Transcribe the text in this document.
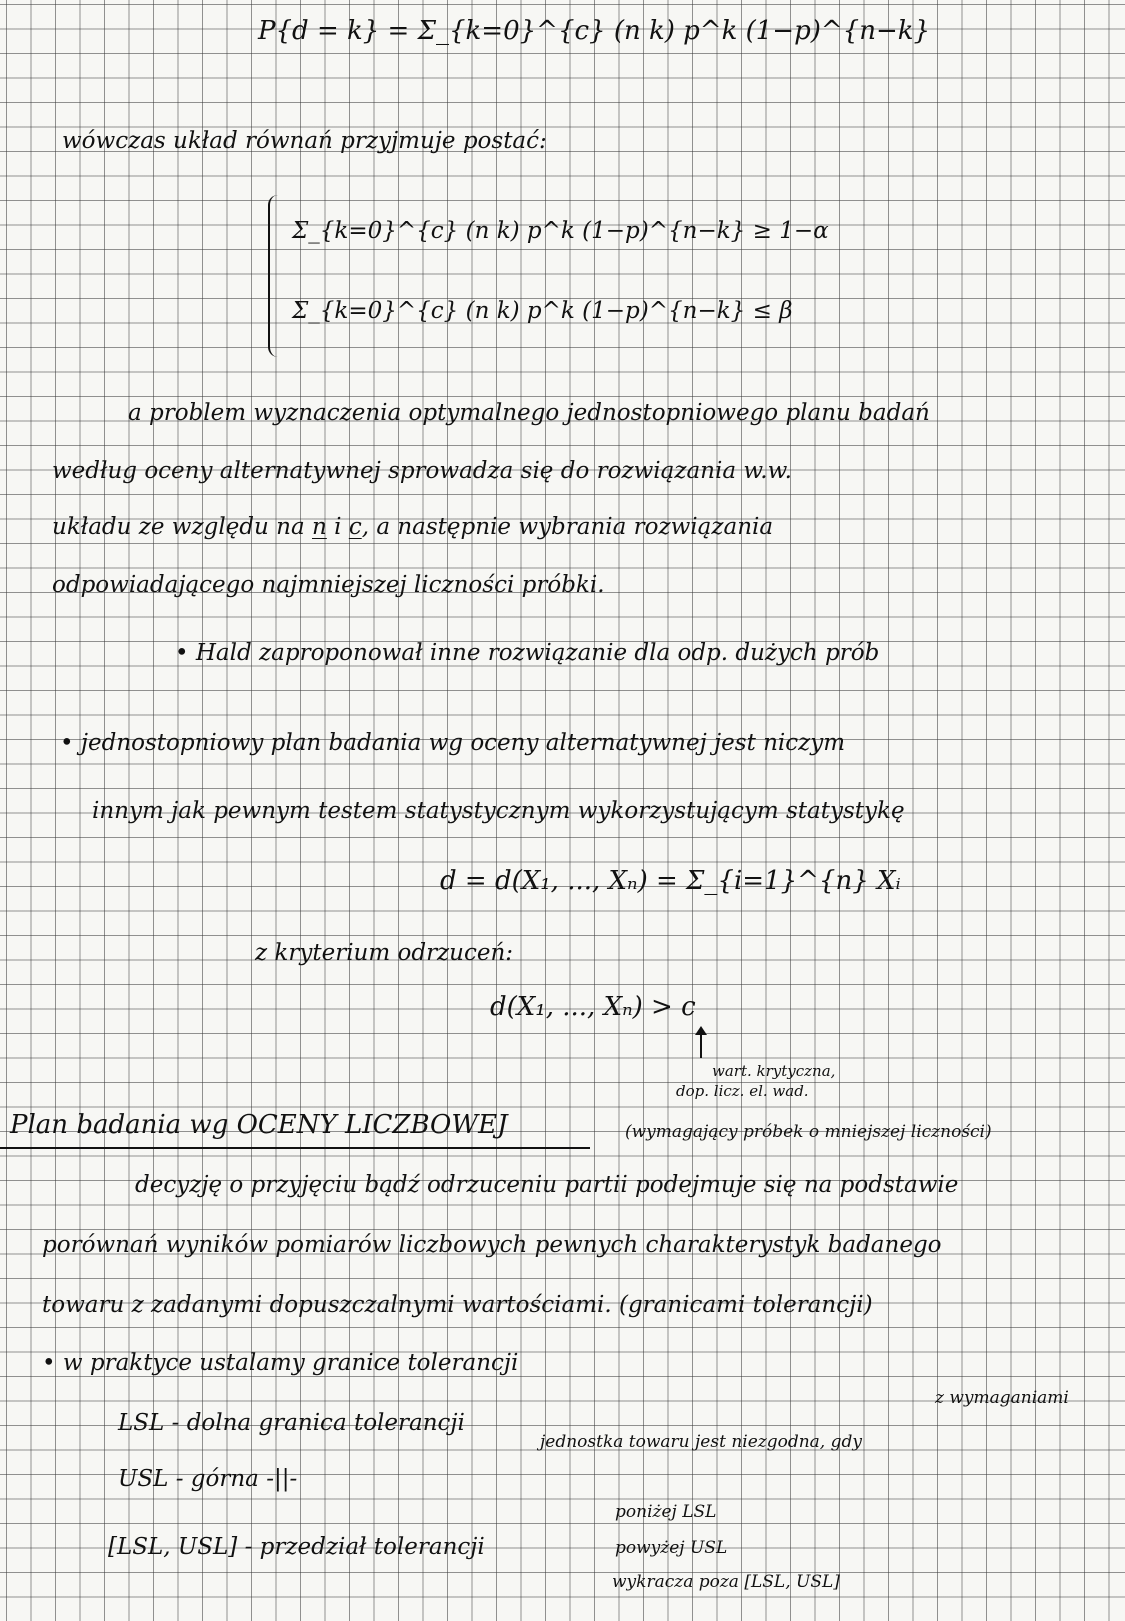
P{d = k} = Σ_{k=0}^{c} (n k) p^k (1−p)^{n−k}
wówczas układ równań przyjmuje postać:
Σ_{k=0}^{c} (n k) p^k (1−p)^{n−k} ≥ 1−α
Σ_{k=0}^{c} (n k) p^k (1−p)^{n−k} ≤ β
a problem wyznaczenia optymalnego jednostopniowego planu badań
według oceny alternatywnej sprowadza się do rozwiązania w.w.
układu ze względu na n i c, a następnie wybrania rozwiązania
odpowiadającego najmniejszej liczności próbki.
• Hald zaproponował inne rozwiązanie dla odp. dużych prób
• jednostopniowy plan badania wg oceny alternatywnej jest niczym
innym jak pewnym testem statystycznym wykorzystującym statystykę
d = d(X₁, ..., Xₙ) = Σ_{i=1}^{n} Xᵢ
z kryterium odrzuceń:
d(X₁, ..., Xₙ) > c
wart. krytyczna,
dop. licz. el. wad.
Plan badania wg OCENY LICZBOWEJ	(wymagający próbek o mniejszej liczności)
decyzję o przyjęciu bądź odrzuceniu partii podejmuje się na podstawie
porównań wyników pomiarów liczbowych pewnych charakterystyk badanego
towaru z zadanymi dopuszczalnymi wartościami. (granicami tolerancji)
• w praktyce ustalamy granice tolerancji
LSL - dolna granica tolerancji
z wymaganiami
jednostka towaru jest niezgodna, gdy
USL - górna -||-
poniżej LSL
[LSL, USL] - przedział tolerancji	powyżej USL
wykracza poza [LSL, USL]
